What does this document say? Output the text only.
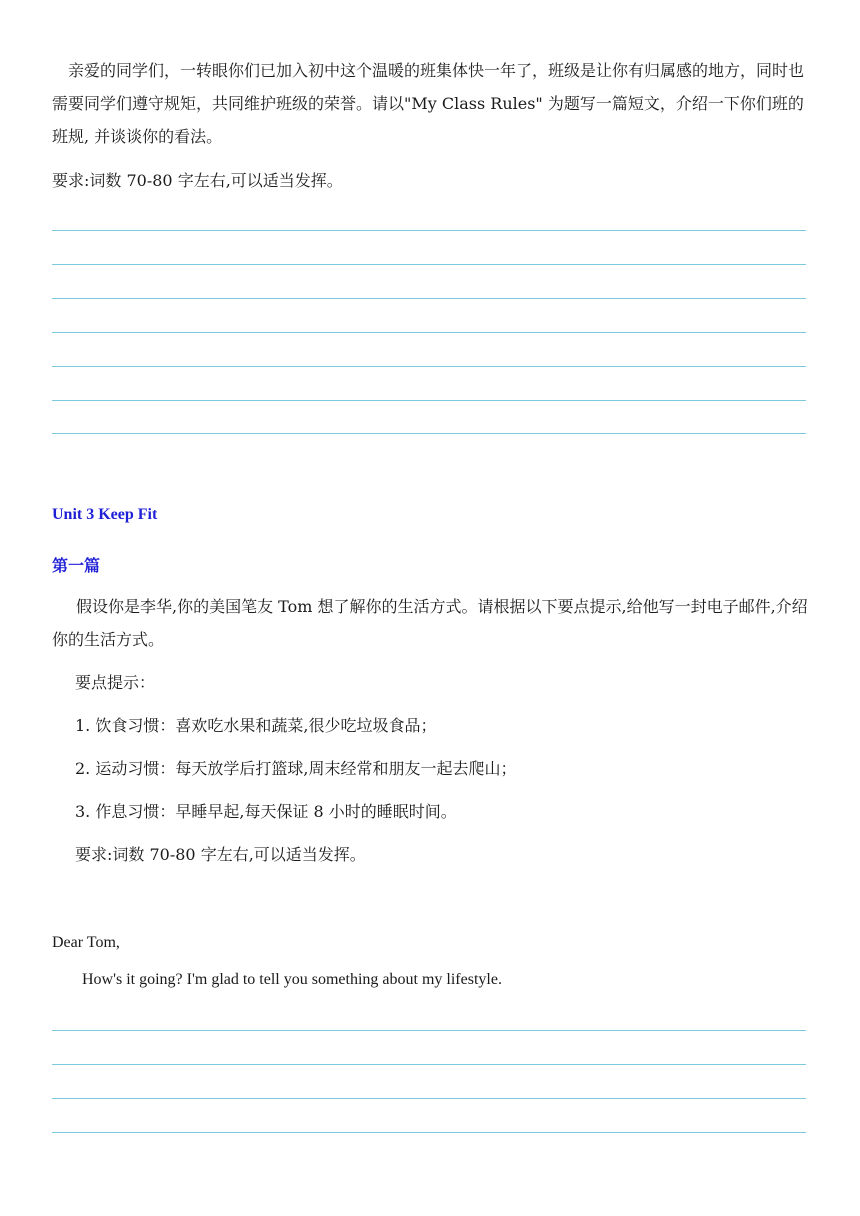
亲爱的同学们，一转眼你们已加入初中这个温暖的班集体快一年了，班级是让你有归属感的地方，同时也需要同学们遵守规矩，共同维护班级的荣誉。请以"My Class Rules" 为题写一篇短文，介绍一下你们班的班规, 并谈谈你的看法。
要求:词数 70-80 字左右,可以适当发挥。
Unit 3 Keep Fit
第一篇
假设你是李华,你的美国笔友 Tom 想了解你的生活方式。请根据以下要点提示,给他写一封电子邮件,介绍你的生活方式。
要点提示：
1. 饮食习惯：喜欢吃水果和蔬菜,很少吃垃圾食品；
2. 运动习惯：每天放学后打篮球,周末经常和朋友一起去爬山；
3. 作息习惯：早睡早起,每天保证 8 小时的睡眠时间。
要求:词数 70-80 字左右,可以适当发挥。
Dear Tom,
How's it going? I'm glad to tell you something about my lifestyle.
